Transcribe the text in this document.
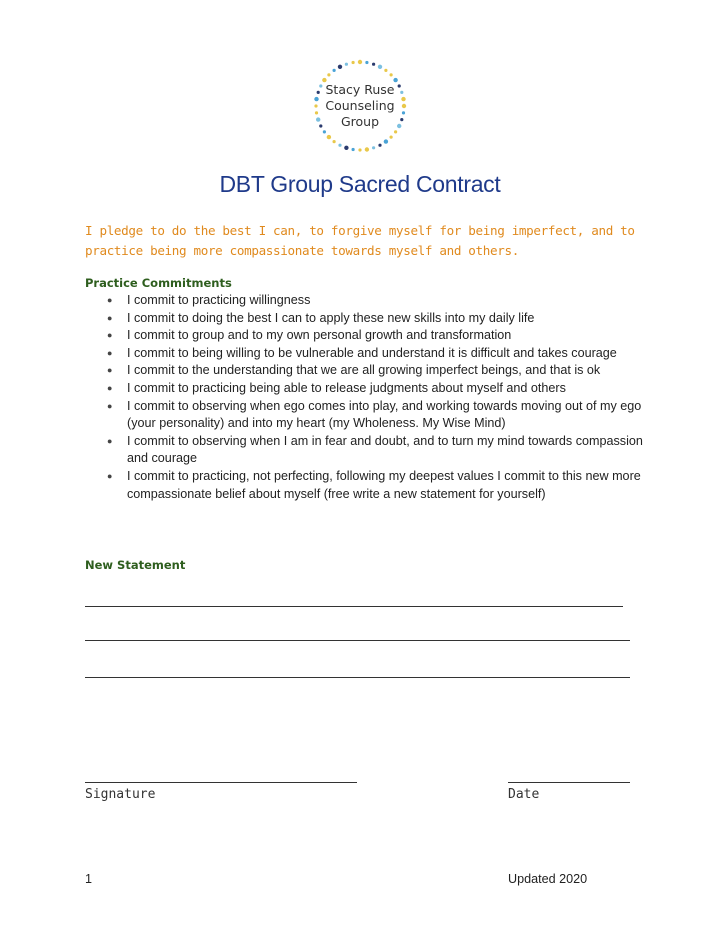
Stacy Ruse
Counseling
Group
DBT Group Sacred Contract
I pledge to do the best I can, to forgive myself for being imperfect, and to practice being more compassionate towards myself and others.
Practice Commitments
● I commit to practicing willingness
● I commit to doing the best I can to apply these new skills into my daily life
● I commit to group and to my own personal growth and transformation
● I commit to being willing to be vulnerable and understand it is difficult and takes courage
● I commit to the understanding that we are all growing imperfect beings, and that is ok
● I commit to practicing being able to release judgments about myself and others
● I commit to observing when ego comes into play, and working towards moving out of my ego (your personality) and into my heart (my Wholeness. My Wise Mind)
● I commit to observing when I am in fear and doubt, and to turn my mind towards compassion and courage
● I commit to practicing, not perfecting, following my deepest values I commit to this new more compassionate belief about myself (free write a new statement for yourself)
New Statement
Signature	Date
1	Updated 2020
